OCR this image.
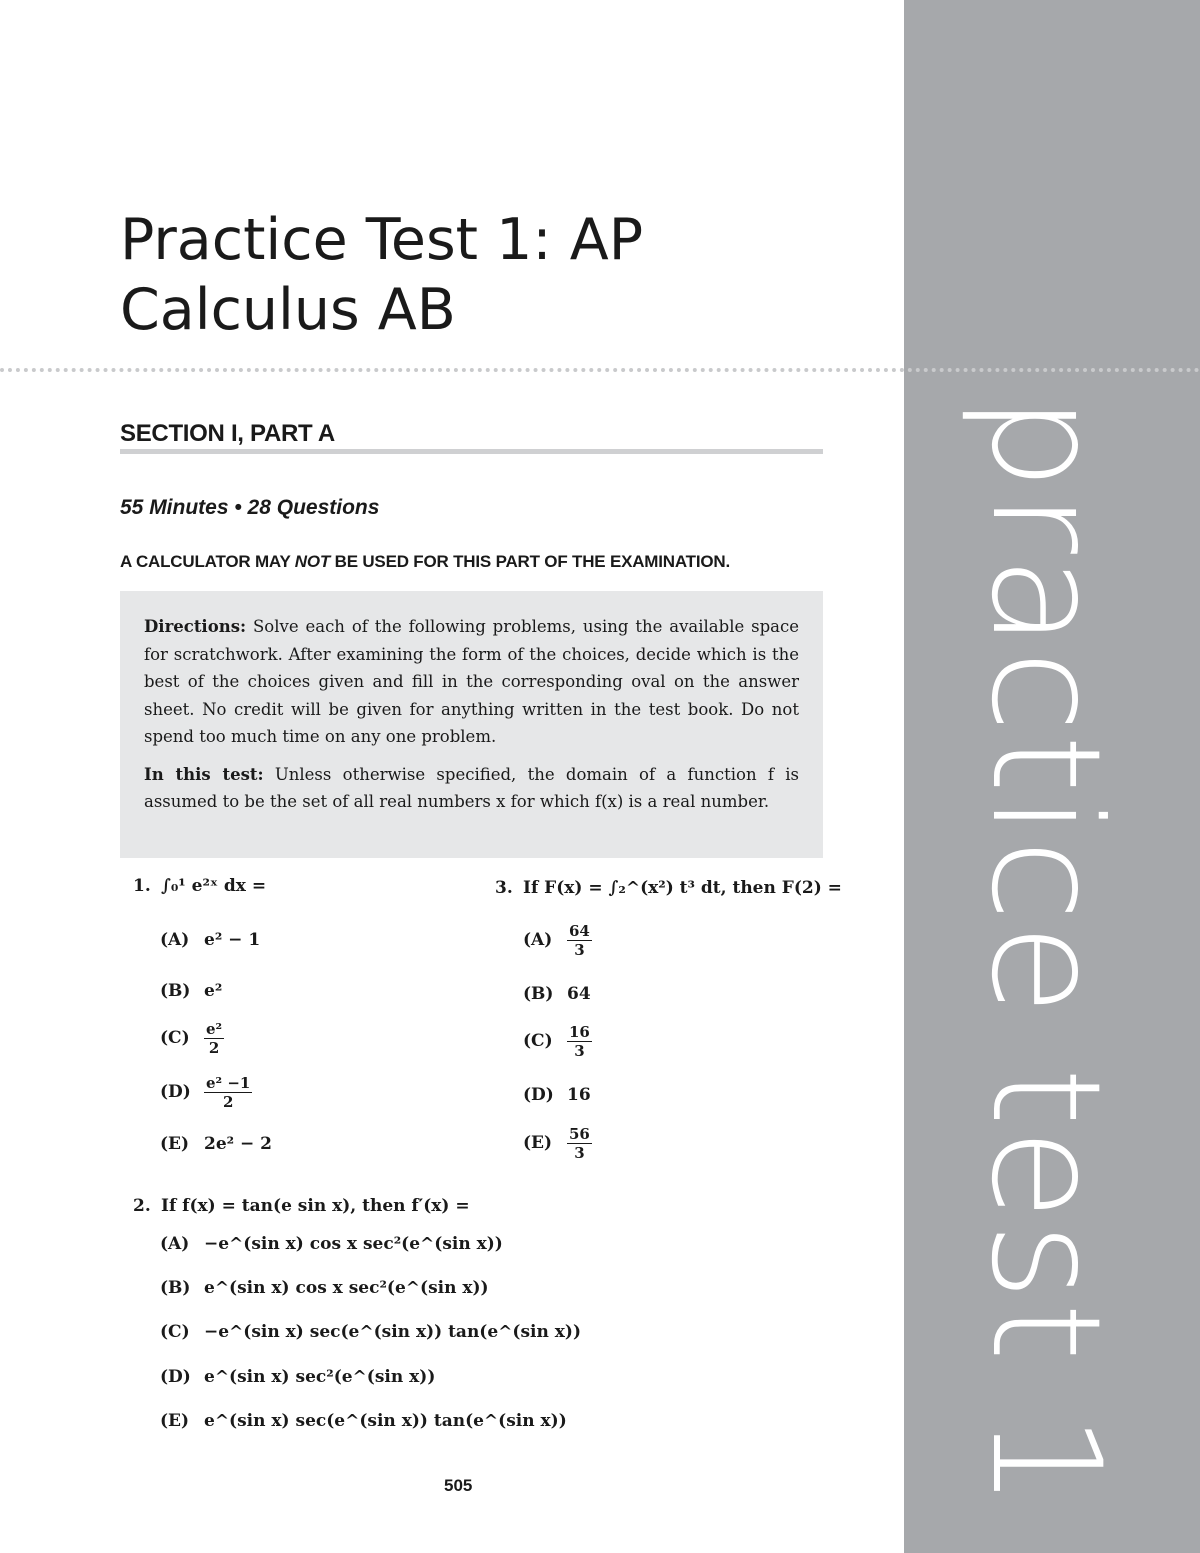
practice test 1
Practice Test 1: AP
Calculus AB
SECTION I, PART A
55 Minutes • 28 Questions
A CALCULATOR MAY NOT BE USED FOR THIS PART OF THE EXAMINATION.

Directions: Solve each of the following problems, using the available space for scratchwork. After examining the form of the choices, decide which is the best of the choices given and fill in the corresponding oval on the answer sheet. No credit will be given for anything written in the test book. Do not spend too much time on any one problem.

In this test: Unless otherwise specified, the domain of a function f is assumed to be the set of all real numbers x for which f(x) is a real number.

1. ∫₀¹ e²ˣ dx =
(A) e² − 1
(B) e²
$(C) \frac{\text{e²}}{2}$
$(D) \frac{\text{e² −1}}{2}$
(E) 2e² − 2
3. If F(x) = ∫₂^(x²) t³ dt, then F(2) =
$(A) \frac{64}{3}$
(B) 64
$(C) \frac{16}{3}$
(D) 16
$(E) \frac{56}{3}$
2. If f(x) = tan(e sin x), then f′(x) =
(A) −e^(sin x) cos x sec²(e^(sin x))
(B) e^(sin x) cos x sec²(e^(sin x))
(C) −e^(sin x) sec(e^(sin x)) tan(e^(sin x))
(D) e^(sin x) sec²(e^(sin x))
(E) e^(sin x) sec(e^(sin x)) tan(e^(sin x))
505
